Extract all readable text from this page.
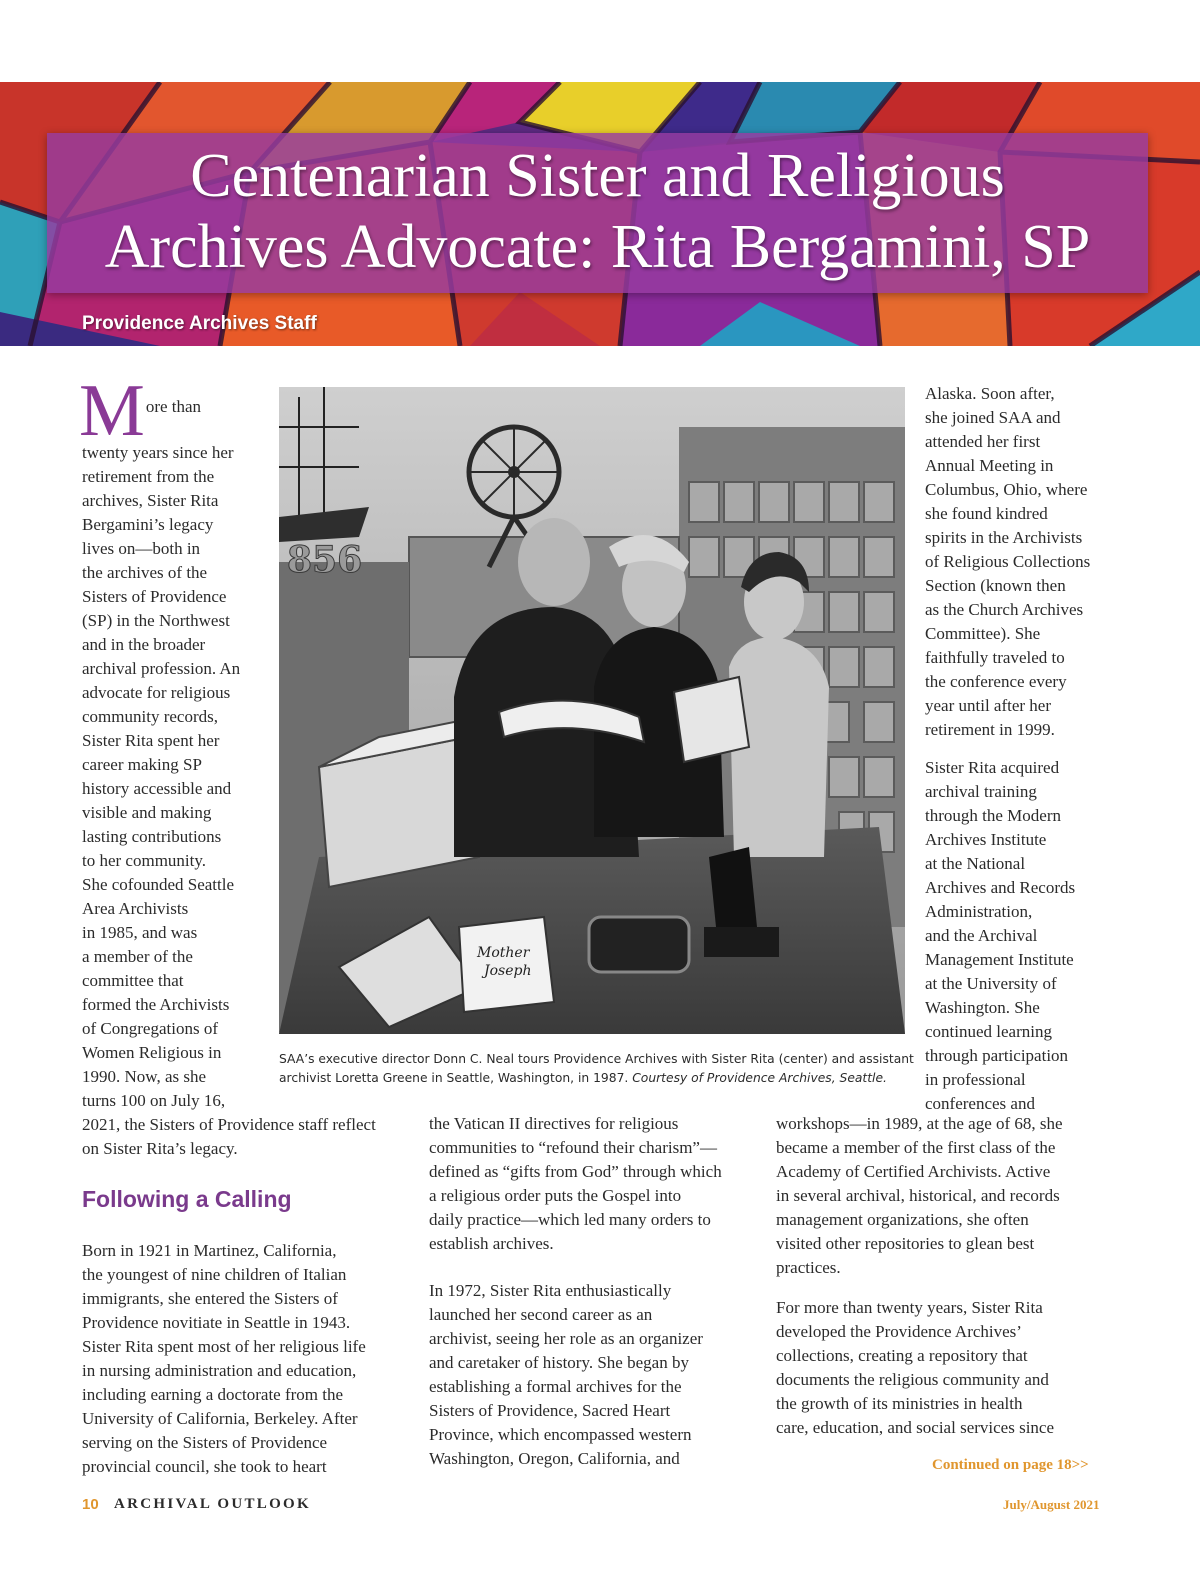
Centenarian Sister and Religious
Archives Advocate: Rita Bergamini, SP
Providence Archives Staff
M ore than
twenty years since her
retirement from the
archives, Sister Rita
Bergamini’s legacy
lives on—both in
the archives of the
Sisters of Providence
(SP) in the Northwest
and in the broader
archival profession. An
advocate for religious
community records,
Sister Rita spent her
career making SP
history accessible and
visible and making
lasting contributions
to her community.
She cofounded Seattle
Area Archivists
in 1985, and was
a member of the
committee that
formed the Archivists
of Congregations of
Women Religious in
1990. Now, as she
turns 100 on July 16,
2021, the Sisters of Providence staff reflect
on Sister Rita’s legacy.
856
Mother
Joseph
SAA’s executive director Donn C. Neal tours Providence Archives with Sister Rita (center) and assistant
archivist Loretta Greene in Seattle, Washington, in 1987. Courtesy of Providence Archives, Seattle.
Following a Calling
Born in 1921 in Martinez, California,
the youngest of nine children of Italian
immigrants, she entered the Sisters of
Providence novitiate in Seattle in 1943.
Sister Rita spent most of her religious life
in nursing administration and education,
including earning a doctorate from the
University of California, Berkeley. After
serving on the Sisters of Providence
provincial council, she took to heart
the Vatican II directives for religious
communities to “refound their charism”—
defined as “gifts from God” through which
a religious order puts the Gospel into
daily practice—which led many orders to
establish archives.
In 1972, Sister Rita enthusiastically
launched her second career as an
archivist, seeing her role as an organizer
and caretaker of history. She began by
establishing a formal archives for the
Sisters of Providence, Sacred Heart
Province, which encompassed western
Washington, Oregon, California, and
Alaska. Soon after,
she joined SAA and
attended her first
Annual Meeting in
Columbus, Ohio, where
she found kindred
spirits in the Archivists
of Religious Collections
Section (known then
as the Church Archives
Committee). She
faithfully traveled to
the conference every
year until after her
retirement in 1999.
Sister Rita acquired
archival training
through the Modern
Archives Institute
at the National
Archives and Records
Administration,
and the Archival
Management Institute
at the University of
Washington. She
continued learning
through participation
in professional
conferences and
workshops—in 1989, at the age of 68, she
became a member of the first class of the
Academy of Certified Archivists. Active
in several archival, historical, and records
management organizations, she often
visited other repositories to glean best
practices.
For more than twenty years, Sister Rita
developed the Providence Archives’
collections, creating a repository that
documents the religious community and
the growth of its ministries in health
care, education, and social services since
Continued on page 18>>
10 ARCHIVAL OUTLOOK	July/August 2021
